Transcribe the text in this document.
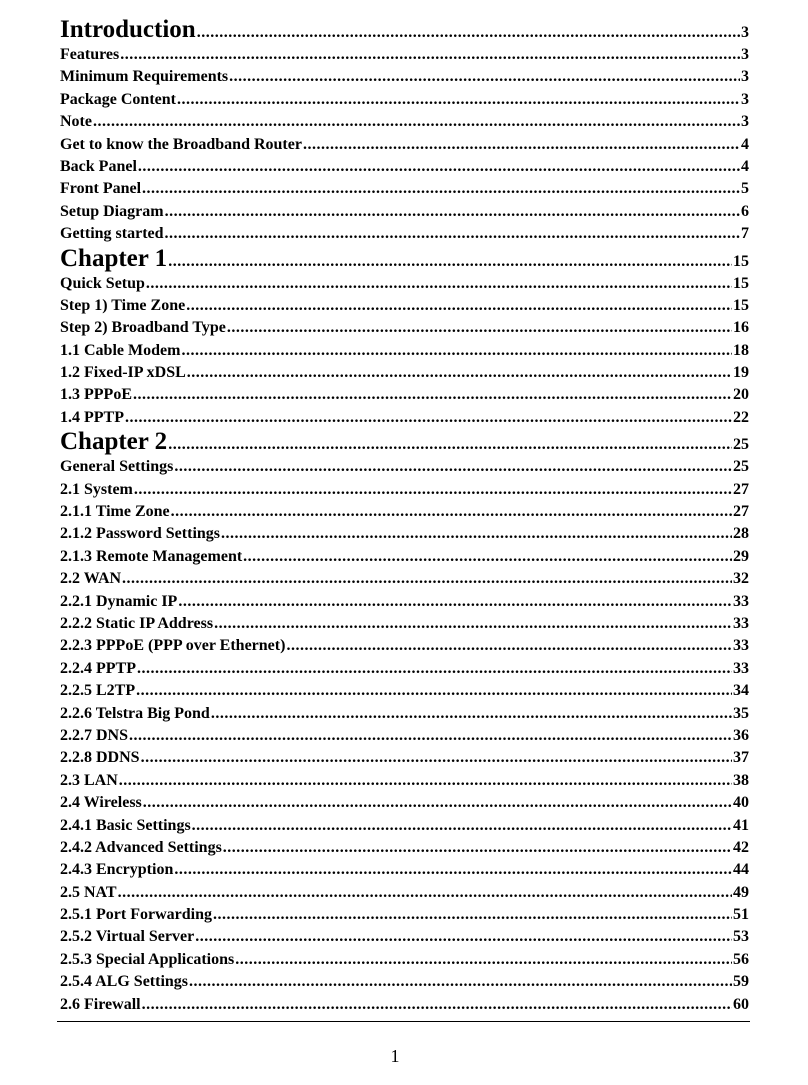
Introduction .....	3
Features .....	3
Minimum Requirements .....	3
Package Content .....	3
Note .....	3
Get to know the Broadband Router .....	4
Back Panel .....	4
Front Panel .....	5
Setup Diagram .....	6
Getting started .....	7
Chapter 1 .....	15
Quick Setup .....	15
Step 1) Time Zone .....	15
Step 2) Broadband Type .....	16
1.1 Cable Modem .....	18
1.2 Fixed-IP xDSL .....	19
1.3 PPPoE .....	20
1.4 PPTP .....	22
Chapter 2 .....	25
General Settings .....	25
2.1 System .....	27
2.1.1 Time Zone .....	27
2.1.2 Password Settings .....	28
2.1.3 Remote Management .....	29
2.2 WAN .....	32
2.2.1 Dynamic IP .....	33
2.2.2 Static IP Address .....	33
2.2.3 PPPoE (PPP over Ethernet) .....	33
2.2.4 PPTP .....	33
2.2.5 L2TP .....	34
2.2.6 Telstra Big Pond .....	35
2.2.7 DNS .....	36
2.2.8 DDNS .....	37
2.3 LAN .....	38
2.4 Wireless .....	40
2.4.1 Basic Settings .....	41
2.4.2 Advanced Settings .....	42
2.4.3 Encryption .....	44
2.5 NAT .....	49
2.5.1 Port Forwarding .....	51
2.5.2 Virtual Server .....	53
2.5.3 Special Applications .....	56
2.5.4 ALG Settings .....	59
2.6 Firewall .....	60
1
